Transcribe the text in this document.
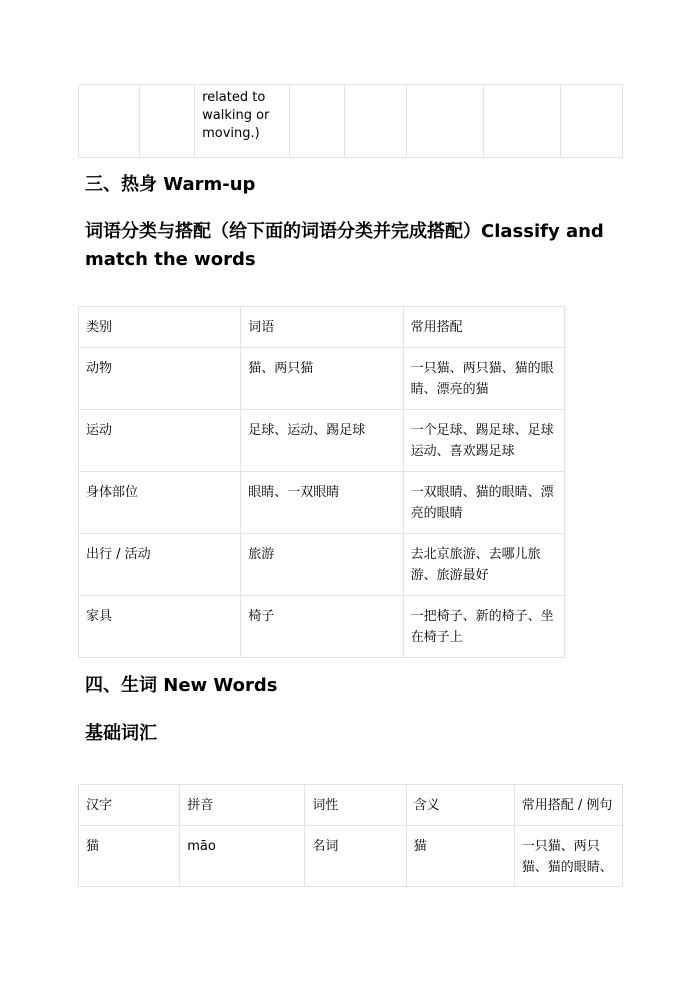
		related to walking or moving.)					
三、热身 Warm-up
词语分类与搭配（给下面的词语分类并完成搭配）Classify and match the words
类别	词语	常用搭配
动物	猫、两只猫	一只猫、两只猫、猫的眼睛、漂亮的猫
运动	足球、运动、踢足球	一个足球、踢足球、足球运动、喜欢踢足球
身体部位	眼睛、一双眼睛	一双眼睛、猫的眼睛、漂亮的眼睛
出行 / 活动	旅游	去北京旅游、去哪儿旅游、旅游最好
家具	椅子	一把椅子、新的椅子、坐在椅子上
四、生词 New Words
基础词汇
汉字	拼音	词性	含义	常用搭配 / 例句
猫	māo	名词	猫	一只猫、两只猫、猫的眼睛、
